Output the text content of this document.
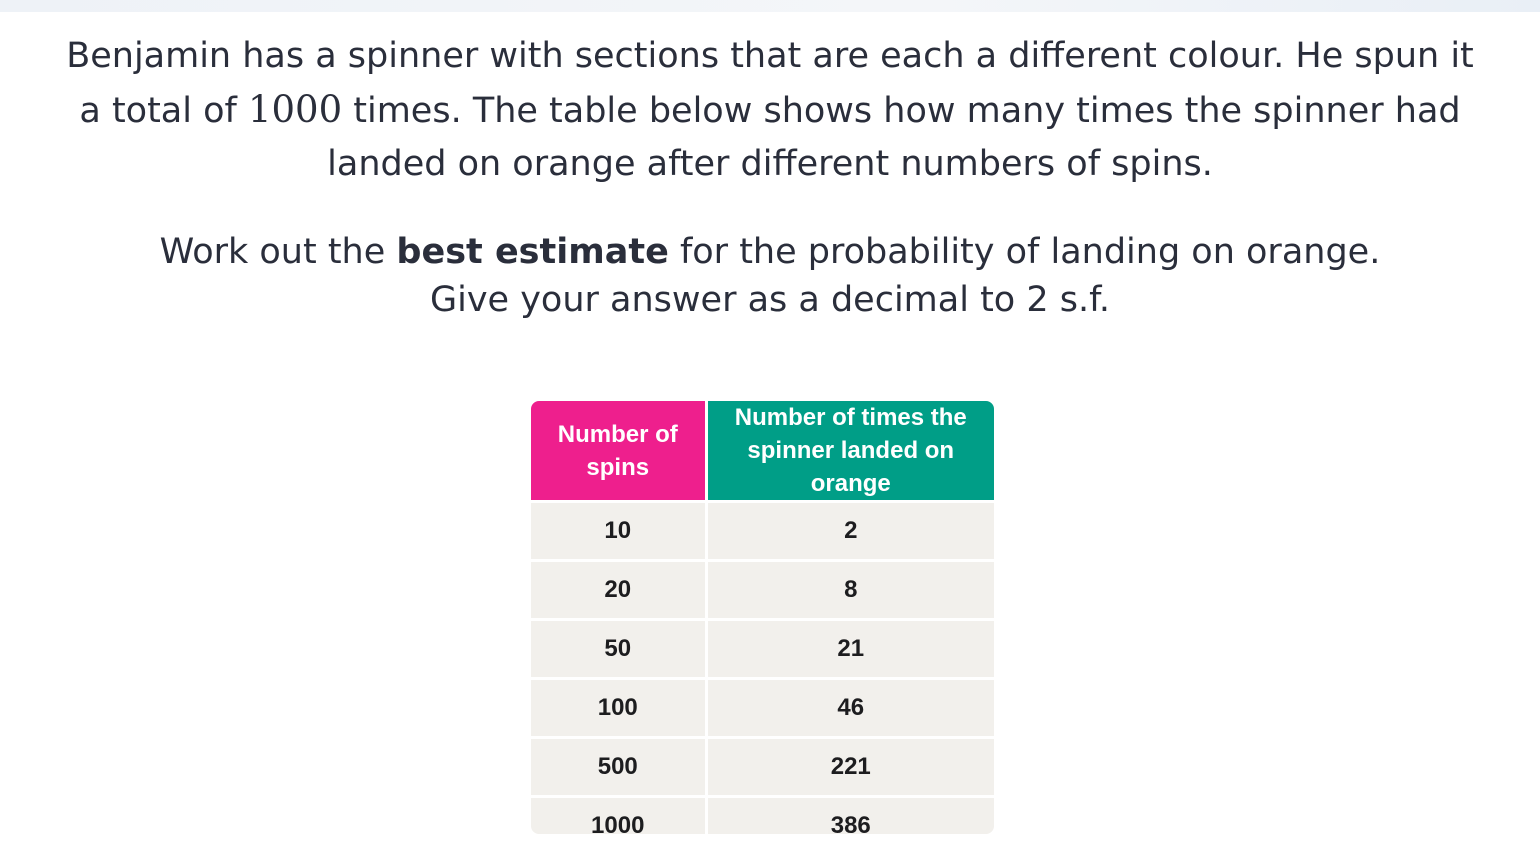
Benjamin has a spinner with sections that are each a different colour. He spun it
a total of 1000 times. The table below shows how many times the spinner had
landed on orange after different numbers of spins.
Work out the best estimate for the probability of landing on orange.
Give your answer as a decimal to 2 s.f.
Number of spins	Number of times the spinner landed on orange
10	2
20	8
50	21
100	46
500	221
1000	386
